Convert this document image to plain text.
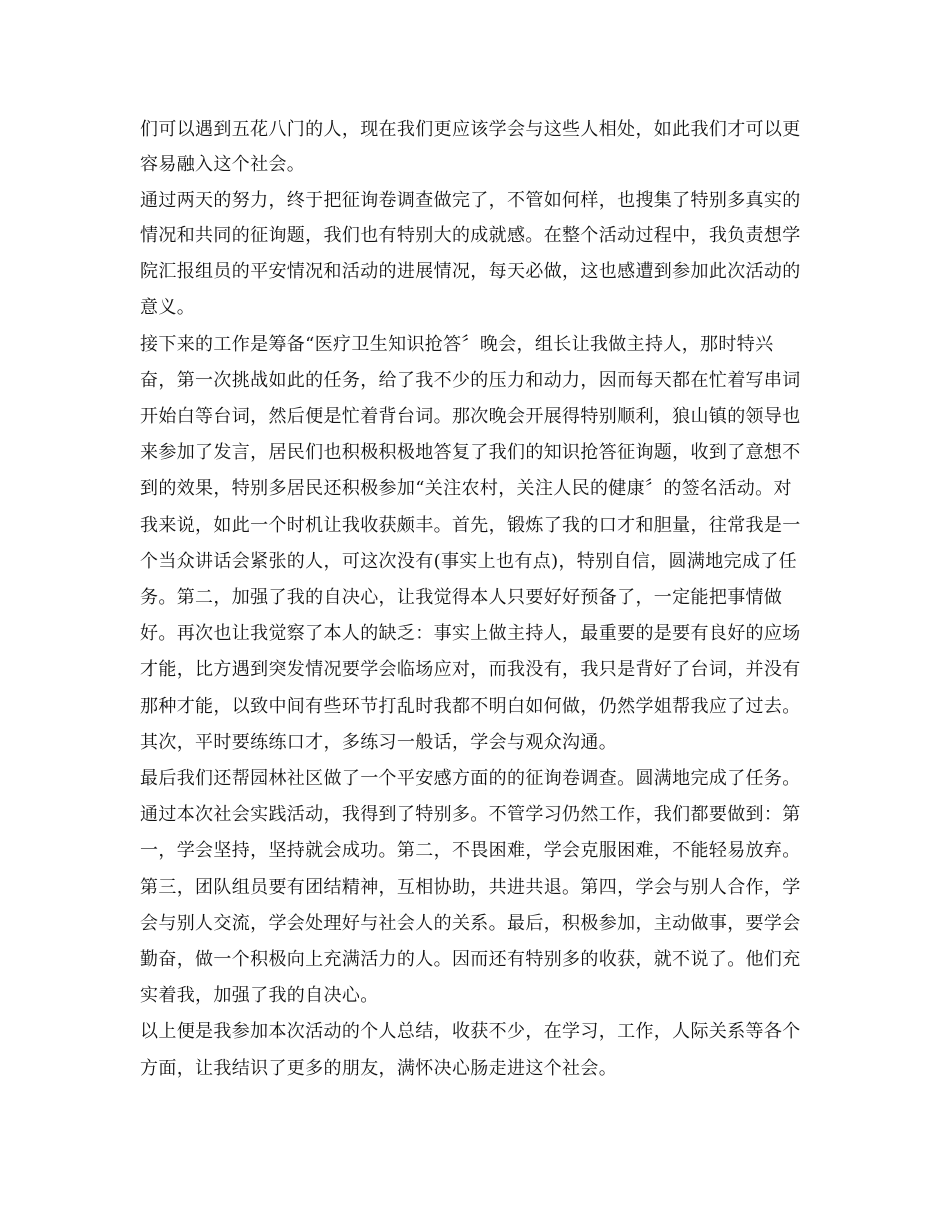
们可以遇到五花八门的人，现在我们更应该学会与这些人相处，如此我们才可以更
容易融入这个社会。
通过两天的努力，终于把征询卷调查做完了，不管如何样，也搜集了特别多真实的
情况和共同的征询题，我们也有特别大的成就感。在整个活动过程中，我负责想学
院汇报组员的平安情况和活动的进展情况，每天必做，这也感遭到参加此次活动的
意义。
接下来的工作是筹备“医疗卫生知识抢答〞晚会，组长让我做主持人，那时特兴
奋，第一次挑战如此的任务，给了我不少的压力和动力，因而每天都在忙着写串词
开始白等台词，然后便是忙着背台词。那次晚会开展得特别顺利，狼山镇的领导也
来参加了发言，居民们也积极积极地答复了我们的知识抢答征询题，收到了意想不
到的效果，特别多居民还积极参加“关注农村，关注人民的健康〞的签名活动。对
我来说，如此一个时机让我收获颇丰。首先，锻炼了我的口才和胆量，往常我是一
个当众讲话会紧张的人，可这次没有(事实上也有点)，特别自信，圆满地完成了任
务。第二，加强了我的自决心，让我觉得本人只要好好预备了，一定能把事情做
好。再次也让我觉察了本人的缺乏：事实上做主持人，最重要的是要有良好的应场
才能，比方遇到突发情况要学会临场应对，而我没有，我只是背好了台词，并没有
那种才能，以致中间有些环节打乱时我都不明白如何做，仍然学姐帮我应了过去。
其次，平时要练练口才，多练习一般话，学会与观众沟通。
最后我们还帮园林社区做了一个平安感方面的的征询卷调查。圆满地完成了任务。
通过本次社会实践活动，我得到了特别多。不管学习仍然工作，我们都要做到：第
一，学会坚持，坚持就会成功。第二，不畏困难，学会克服困难，不能轻易放弃。
第三，团队组员要有团结精神，互相协助，共进共退。第四，学会与别人合作，学
会与别人交流，学会处理好与社会人的关系。最后，积极参加，主动做事，要学会
勤奋，做一个积极向上充满活力的人。因而还有特别多的收获，就不说了。他们充
实着我，加强了我的自决心。
以上便是我参加本次活动的个人总结，收获不少，在学习，工作，人际关系等各个
方面，让我结识了更多的朋友，满怀决心肠走进这个社会。
